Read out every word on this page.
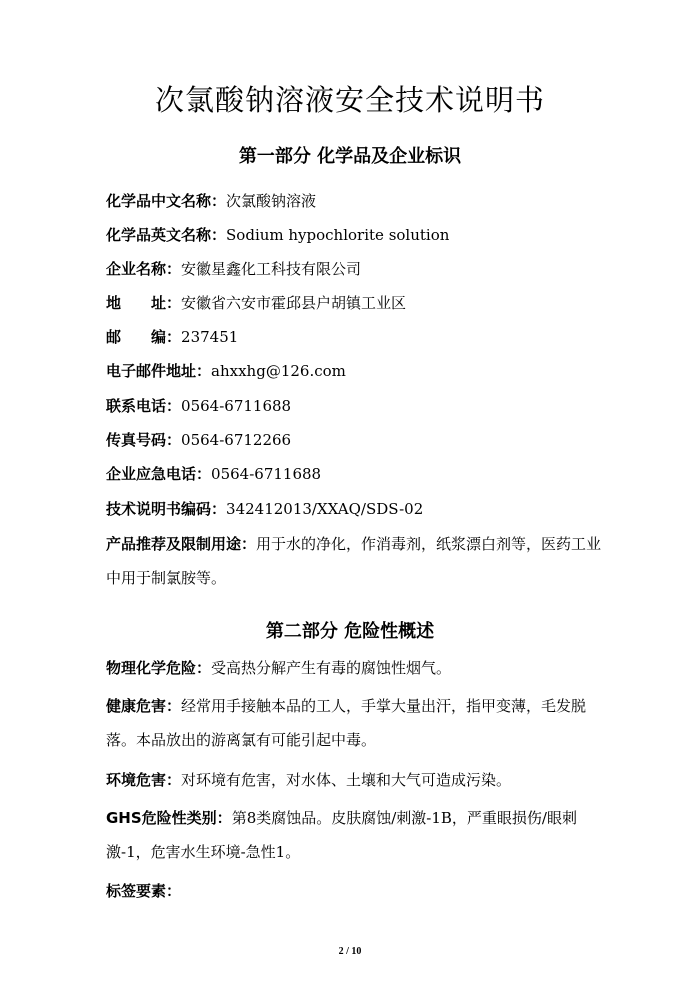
次氯酸钠溶液安全技术说明书
第一部分 化学品及企业标识
化学品中文名称：次氯酸钠溶液
化学品英文名称：Sodium hypochlorite solution
企业名称：安徽星鑫化工科技有限公司
地　　址：安徽省六安市霍邱县户胡镇工业区
邮　　编：237451
电子邮件地址：ahxxhg@126.com
联系电话：0564-6711688
传真号码：0564-6712266
企业应急电话：0564-6711688
技术说明书编码：342412013/XXAQ/SDS-02
产品推荐及限制用途：用于水的净化，作消毒剂，纸浆漂白剂等，医药工业中用于制氯胺等。
第二部分 危险性概述
物理化学危险：受高热分解产生有毒的腐蚀性烟气。
健康危害：经常用手接触本品的工人，手掌大量出汗，指甲变薄，毛发脱落。本品放出的游离氯有可能引起中毒。
环境危害：对环境有危害，对水体、土壤和大气可造成污染。
GHS危险性类别：第8类腐蚀品。皮肤腐蚀/刺激-1B，严重眼损伤/眼刺激-1，危害水生环境-急性1。
标签要素：
2 / 10
